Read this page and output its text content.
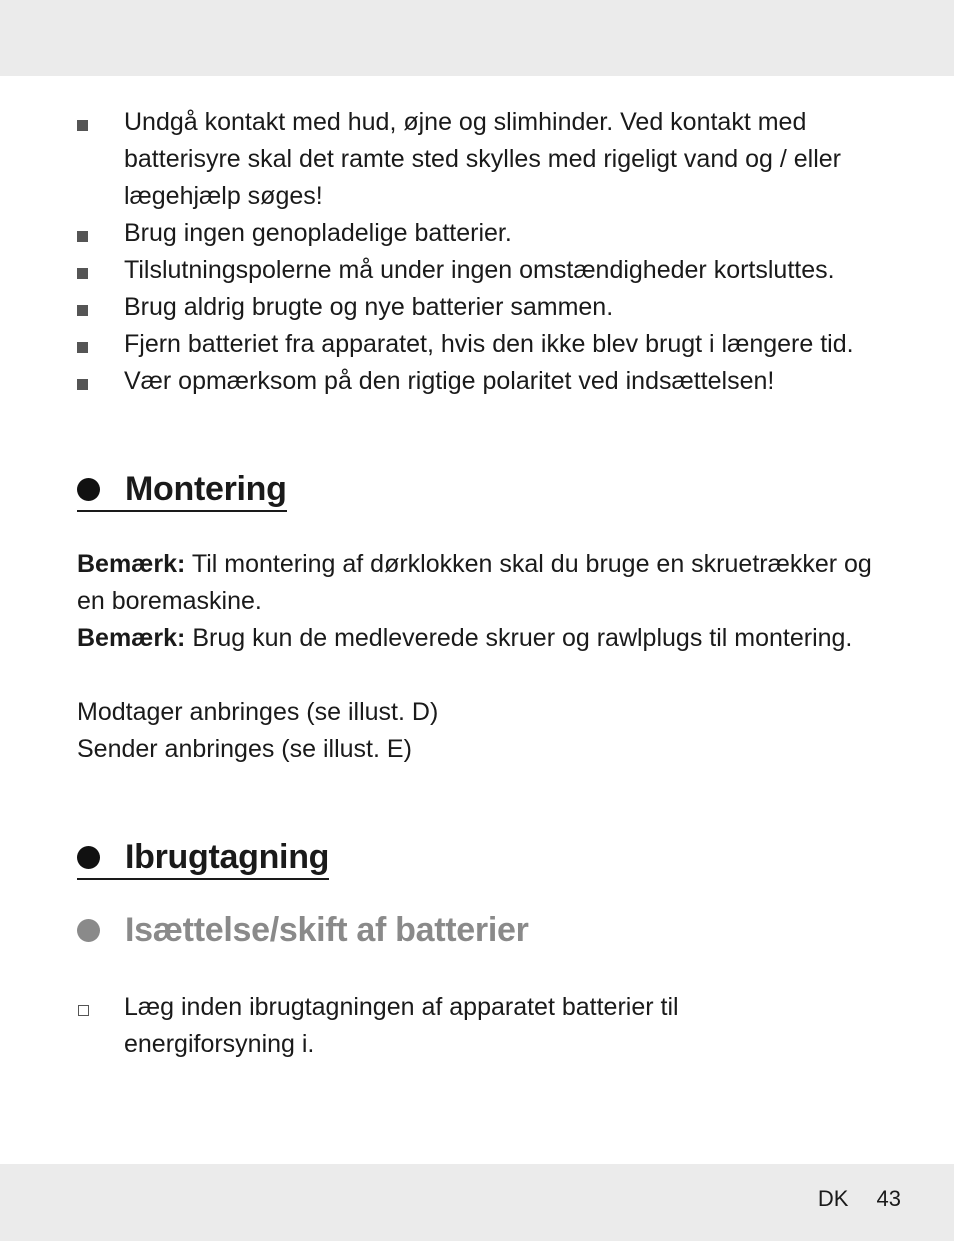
Undgå kontakt med hud, øjne og slimhinder. Ved kontakt med batterisyre skal det ramte sted skylles med rigeligt vand og / eller lægehjælp søges!
Brug ingen genopladelige batterier.
Tilslutningspolerne må under ingen omstændigheder kortsluttes.
Brug aldrig brugte og nye batterier sammen.
Fjern batteriet fra apparatet, hvis den ikke blev brugt i længere tid.
Vær opmærksom på den rigtige polaritet ved indsættelsen!
Montering

Bemærk: Til montering af dørklokken skal du bruge en skruetrækker og en boremaskine.

Bemærk: Brug kun de medleverede skruer og rawlplugs til montering.

Modtager anbringes (se illust. D)

Sender anbringes (se illust. E)

Ibrugtagning
Isættelse/skift af batterier
Læg inden ibrugtagningen af apparatet batterier til energiforsyning i.
DK 43
